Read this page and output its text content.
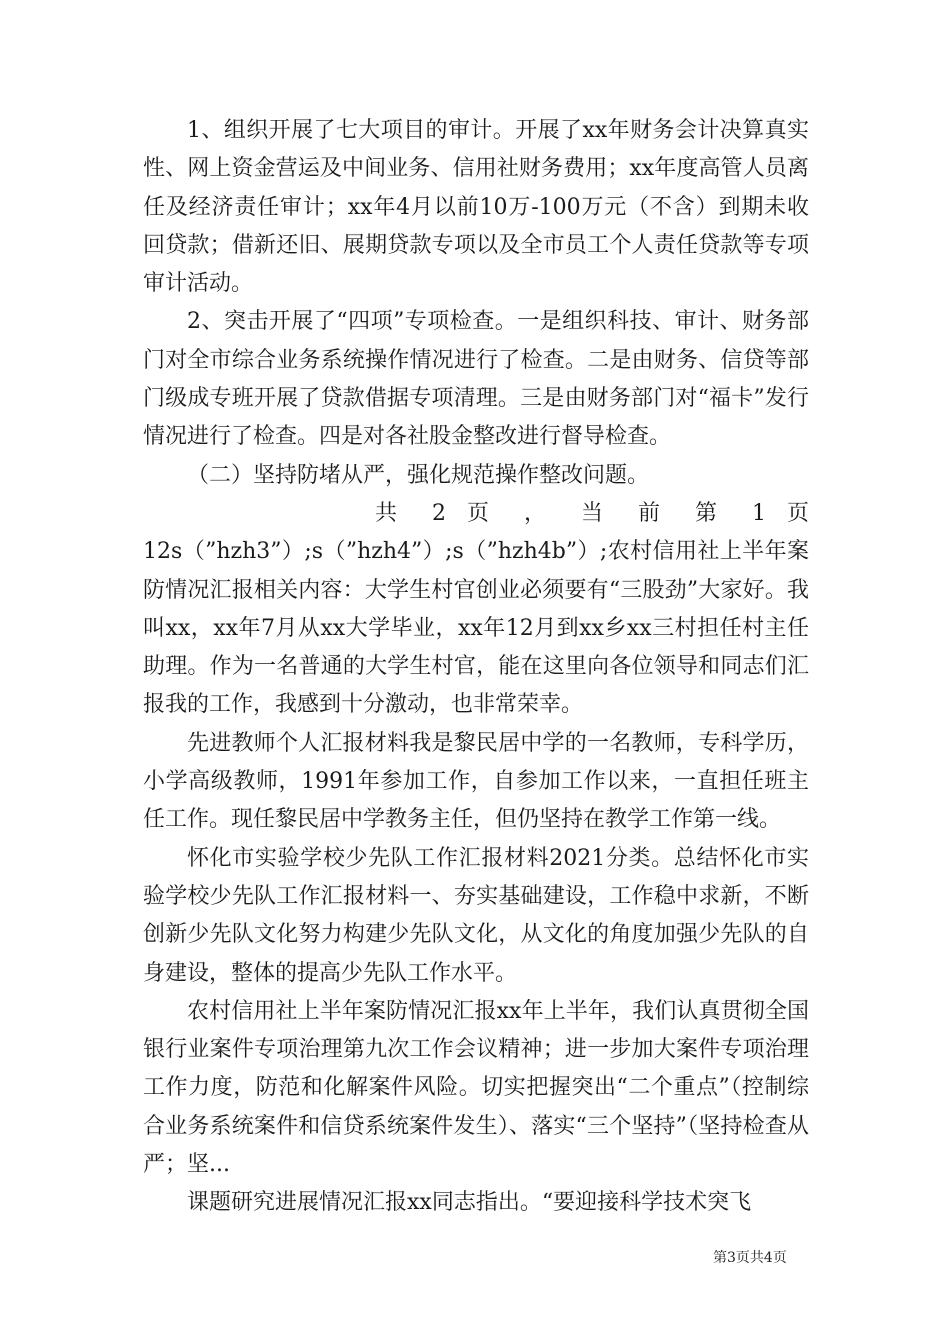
1、组织开展了七大项目的审计。开展了xx年财务会计决算真实性、网上资金营运及中间业务、信用社财务费用；xx年度高管人员离任及经济责任审计；xx年4月以前10万-100万元（不含）到期未收回贷款；借新还旧、展期贷款专项以及全市员工个人责任贷款等专项审计活动。

2、突击开展了“四项”专项检查。一是组织科技、审计、财务部门对全市综合业务系统操作情况进行了检查。二是由财务、信贷等部门级成专班开展了贷款借据专项清理。三是由财务部门对“福卡”发行情况进行了检查。四是对各社股金整改进行督导检查。

（二）坚持防堵从严，强化规范操作整改问题。

共 2 页 ， 当 前 第 1 页

12s（”hzh3”）;s（”hzh4”）;s（”hzh4b”）;农村信用社上半年案防情况汇报相关内容：大学生村官创业必须要有“三股劲”大家好。我叫xx，xx年7月从xx大学毕业，xx年12月到xx乡xx三村担任村主任助理。作为一名普通的大学生村官，能在这里向各位领导和同志们汇报我的工作，我感到十分激动，也非常荣幸。

先进教师个人汇报材料我是黎民居中学的一名教师，专科学历，小学高级教师，1991年参加工作，自参加工作以来，一直担任班主任工作。现任黎民居中学教务主任，但仍坚持在教学工作第一线。

怀化市实验学校少先队工作汇报材料2021分类。总结怀化市实验学校少先队工作汇报材料一、夯实基础建设，工作稳中求新，不断创新少先队文化努力构建少先队文化，从文化的角度加强少先队的自身建设，整体的提高少先队工作水平。

农村信用社上半年案防情况汇报xx年上半年，我们认真贯彻全国银行业案件专项治理第九次工作会议精神；进一步加大案件专项治理工作力度，防范和化解案件风险。切实把握突出“二个重点”（控制综合业务系统案件和信贷系统案件发生）、落实“三个坚持”（坚持检查从严；坚...

课题研究进展情况汇报xx同志指出。“要迎接科学技术突飞

第3页共4页
